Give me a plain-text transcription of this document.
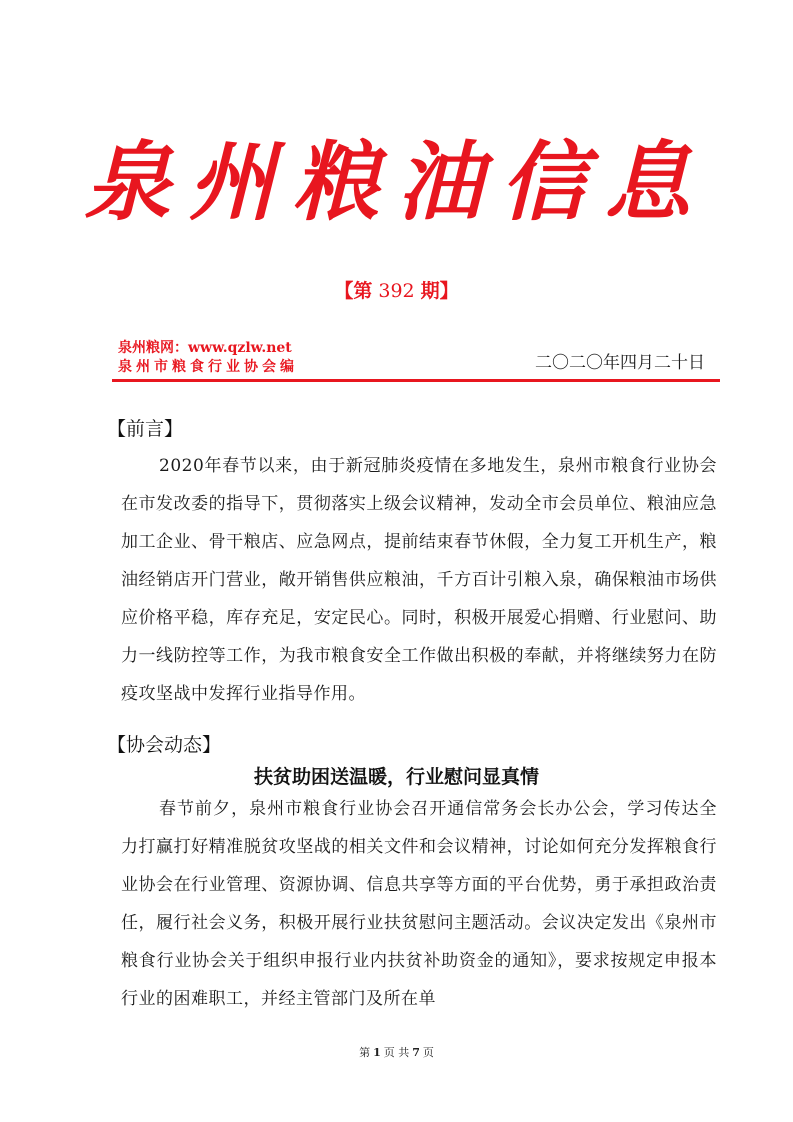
泉州粮油信息
【第 392 期】
泉州粮网：www.qzlw.net
泉州市粮食行业协会编	二〇二〇年四月二十日
【前言】
2020年春节以来，由于新冠肺炎疫情在多地发生，泉州市粮食行业协会在市发改委的指导下，贯彻落实上级会议精神，发动全市会员单位、粮油应急加工企业、骨干粮店、应急网点，提前结束春节休假，全力复工开机生产，粮油经销店开门营业，敞开销售供应粮油，千方百计引粮入泉，确保粮油市场供应价格平稳，库存充足，安定民心。同时，积极开展爱心捐赠、行业慰问、助力一线防控等工作，为我市粮食安全工作做出积极的奉献，并将继续努力在防疫攻坚战中发挥行业指导作用。
【协会动态】
扶贫助困送温暖，行业慰问显真情
春节前夕，泉州市粮食行业协会召开通信常务会长办公会，学习传达全力打赢打好精准脱贫攻坚战的相关文件和会议精神，讨论如何充分发挥粮食行业协会在行业管理、资源协调、信息共享等方面的平台优势，勇于承担政治责任，履行社会义务，积极开展行业扶贫慰问主题活动。会议决定发出《泉州市粮食行业协会关于组织申报行业内扶贫补助资金的通知》，要求按规定申报本行业的困难职工，并经主管部门及所在单
第 1 页 共 7 页
